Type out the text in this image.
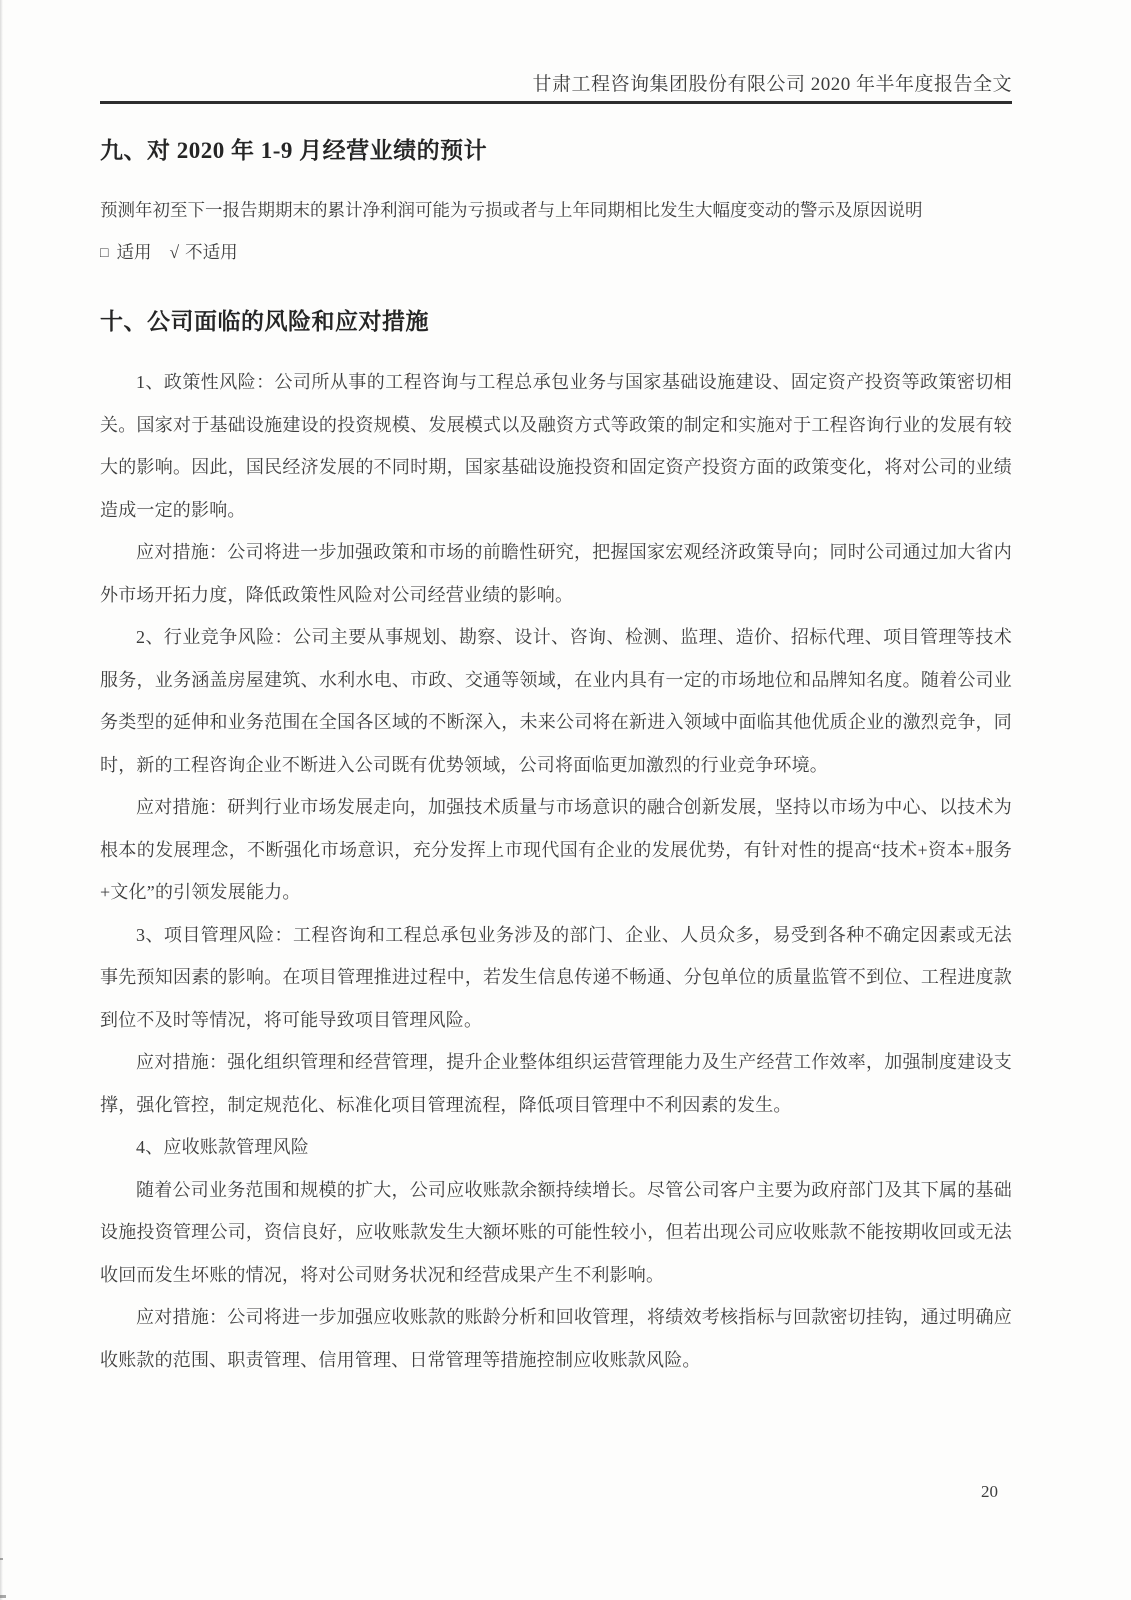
甘肃工程咨询集团股份有限公司 2020 年半年度报告全文
九、对 2020 年 1-9 月经营业绩的预计

预测年初至下一报告期期末的累计净利润可能为亏损或者与上年同期相比发生大幅度变动的警示及原因说明

□ 适用 √ 不适用

十、公司面临的风险和应对措施

1、政策性风险：公司所从事的工程咨询与工程总承包业务与国家基础设施建设、固定资产投资等政策密切相关。国家对于基础设施建设的投资规模、发展模式以及融资方式等政策的制定和实施对于工程咨询行业的发展有较大的影响。因此，国民经济发展的不同时期，国家基础设施投资和固定资产投资方面的政策变化，将对公司的业绩造成一定的影响。

应对措施：公司将进一步加强政策和市场的前瞻性研究，把握国家宏观经济政策导向；同时公司通过加大省内外市场开拓力度，降低政策性风险对公司经营业绩的影响。

2、行业竞争风险：公司主要从事规划、勘察、设计、咨询、检测、监理、造价、招标代理、项目管理等技术服务，业务涵盖房屋建筑、水利水电、市政、交通等领域，在业内具有一定的市场地位和品牌知名度。随着公司业务类型的延伸和业务范围在全国各区域的不断深入，未来公司将在新进入领域中面临其他优质企业的激烈竞争，同时，新的工程咨询企业不断进入公司既有优势领域，公司将面临更加激烈的行业竞争环境。

应对措施：研判行业市场发展走向，加强技术质量与市场意识的融合创新发展，坚持以市场为中心、以技术为根本的发展理念，不断强化市场意识，充分发挥上市现代国有企业的发展优势，有针对性的提高“技术+资本+服务+文化”的引领发展能力。

3、项目管理风险：工程咨询和工程总承包业务涉及的部门、企业、人员众多，易受到各种不确定因素或无法事先预知因素的影响。在项目管理推进过程中，若发生信息传递不畅通、分包单位的质量监管不到位、工程进度款到位不及时等情况，将可能导致项目管理风险。

应对措施：强化组织管理和经营管理，提升企业整体组织运营管理能力及生产经营工作效率，加强制度建设支撑，强化管控，制定规范化、标准化项目管理流程，降低项目管理中不利因素的发生。

4、应收账款管理风险

随着公司业务范围和规模的扩大，公司应收账款余额持续增长。尽管公司客户主要为政府部门及其下属的基础设施投资管理公司，资信良好，应收账款发生大额坏账的可能性较小，但若出现公司应收账款不能按期收回或无法收回而发生坏账的情况，将对公司财务状况和经营成果产生不利影响。

应对措施：公司将进一步加强应收账款的账龄分析和回收管理，将绩效考核指标与回款密切挂钩，通过明确应收账款的范围、职责管理、信用管理、日常管理等措施控制应收账款风险。

20
